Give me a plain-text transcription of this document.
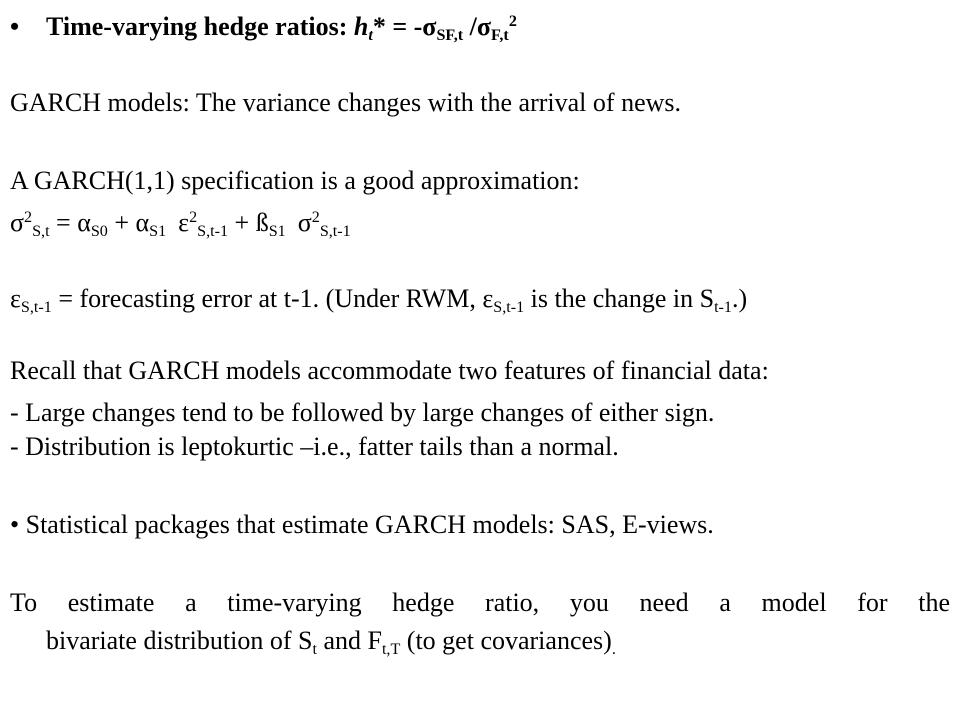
• Time-varying hedge ratios: $h_t* = -\sigma_{SF,t}$ $/\sigma_{F,t}^2$
GARCH models: The variance changes with the arrival of news.
A GARCH(1,1) specification is a good approximation:
$\sigma^2_{S,t} = \alpha_{S0} + \alpha_{S1}$ $\varepsilon^2_{S,t-1}$ + $ß_{S1}$ $\sigma^2_{S,t-1}$
$\varepsilon_{S,t-1}$ = forecasting error at t-1. (Under RWM, $\varepsilon_{S,t-1}$ is the change in $S_{t-1}$.)
Recall that GARCH models accommodate two features of financial data:
- Large changes tend to be followed by large changes of either sign.
- Distribution is leptokurtic –i.e., fatter tails than a normal.
• Statistical packages that estimate GARCH models: SAS, E-views.
To estimate a time-varying hedge ratio, you need a model for the
bivariate distribution of $S_t$ and $F_{t,T}$ (to get $covariances)_.$
